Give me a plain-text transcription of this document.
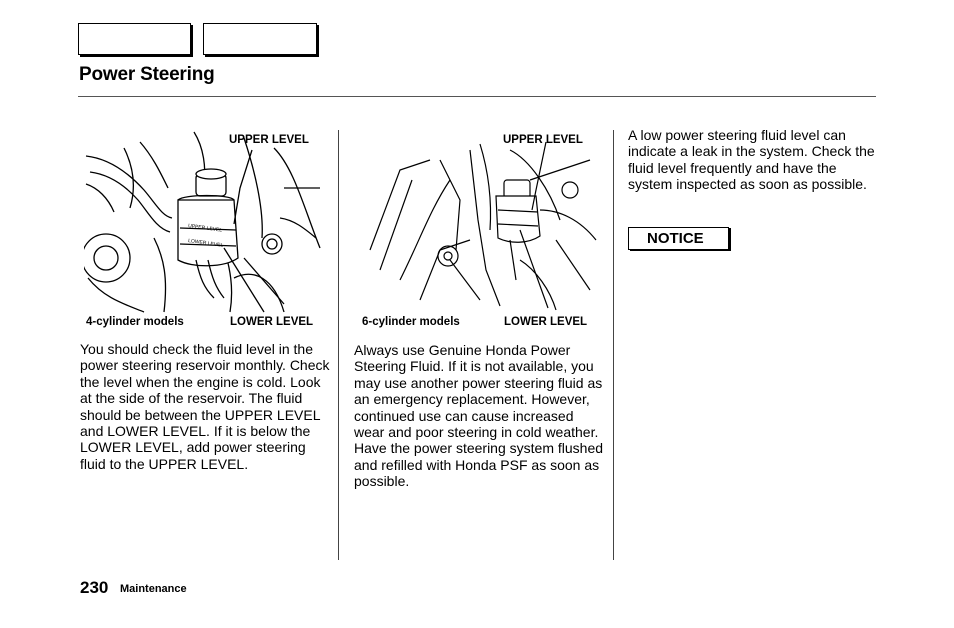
Power Steering
UPPER LEVEL
LOWER LEVEL
UPPER LEVEL
4-cylinder models	LOWER LEVEL
UPPER LEVEL
6-cylinder models	LOWER LEVEL
You should check the fluid level in the power steering reservoir monthly. Check the level when the engine is cold. Look at the side of the reservoir. The fluid should be between the UPPER LEVEL and LOWER LEVEL. If it is below the LOWER LEVEL, add power steering fluid to the UPPER LEVEL.
Always use Genuine Honda Power Steering Fluid. If it is not available, you may use another power steering fluid as an emergency replacement. However, continued use can cause increased wear and poor steering in cold weather. Have the power steering system flushed and refilled with Honda PSF as soon as possible.
A low power steering fluid level can indicate a leak in the system. Check the fluid level frequently and have the system inspected as soon as possible.
NOTICE
230 Maintenance
